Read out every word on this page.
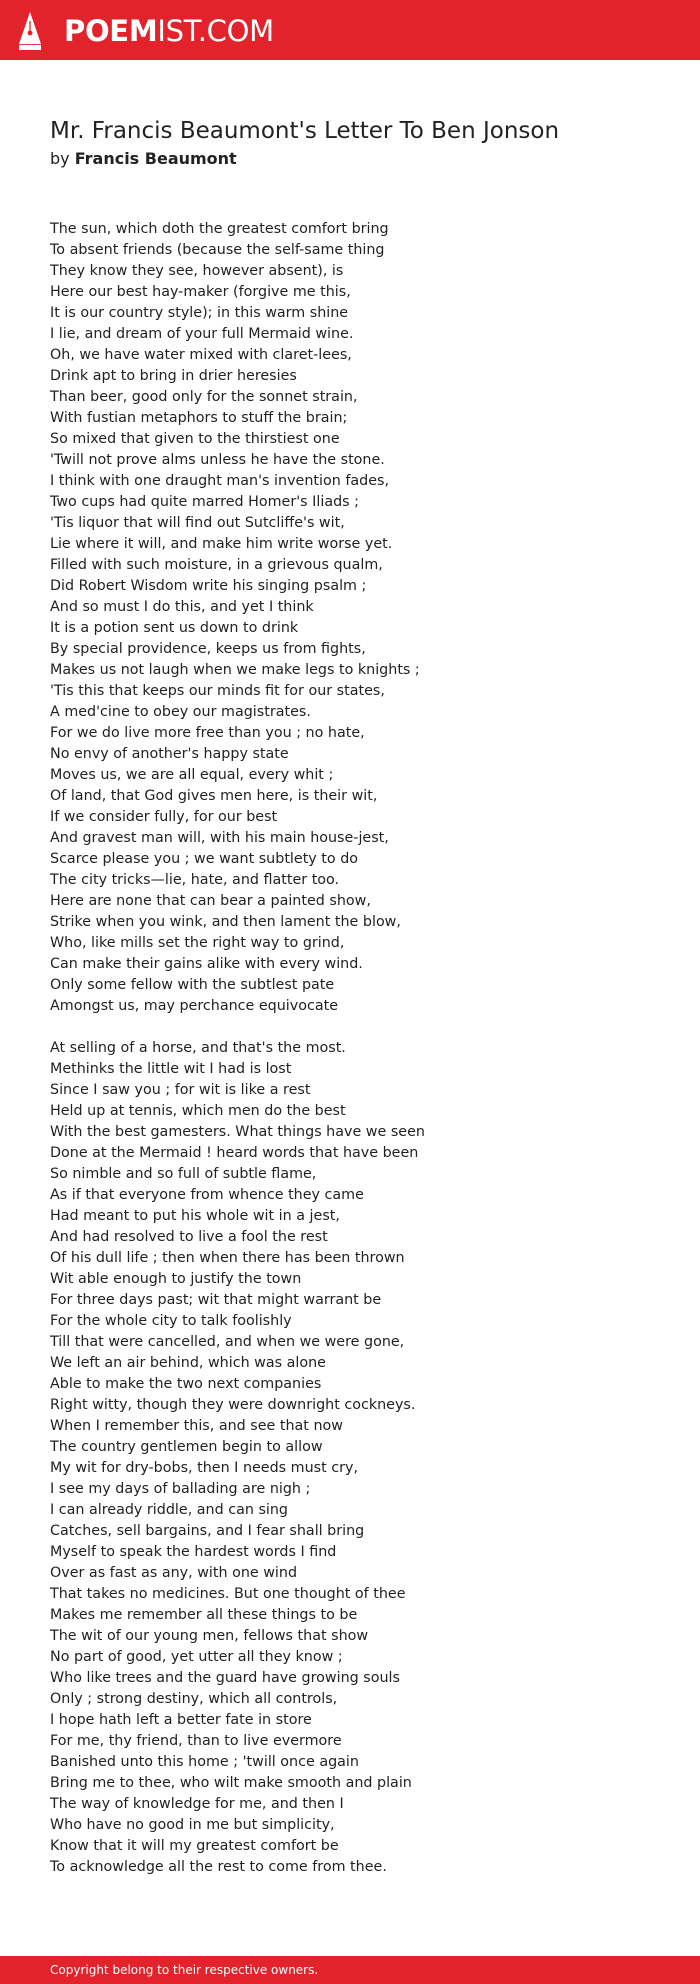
POEMIST.COM
Mr. Francis Beaumont's Letter To Ben Jonson
by Francis Beaumont
The sun, which doth the greatest comfort bring
To absent friends (because the self-same thing
They know they see, however absent), is
Here our best hay-maker (forgive me this,
It is our country style); in this warm shine
I lie, and dream of your full Mermaid wine.
Oh, we have water mixed with claret-lees,
Drink apt to bring in drier heresies
Than beer, good only for the sonnet strain,
With fustian metaphors to stuff the brain;
So mixed that given to the thirstiest one
'Twill not prove alms unless he have the stone.
I think with one draught man's invention fades,
Two cups had quite marred Homer's Iliads ;
'Tis liquor that will find out Sutcliffe's wit,
Lie where it will, and make him write worse yet.
Filled with such moisture, in a grievous qualm,
Did Robert Wisdom write his singing psalm ;
And so must I do this, and yet I think
It is a potion sent us down to drink
By special providence, keeps us from fights,
Makes us not laugh when we make legs to knights ;
'Tis this that keeps our minds fit for our states,
A med'cine to obey our magistrates.
For we do live more free than you ; no hate,
No envy of another's happy state
Moves us, we are all equal, every whit ;
Of land, that God gives men here, is their wit,
If we consider fully, for our best
And gravest man will, with his main house-jest,
Scarce please you ; we want subtlety to do
The city tricks—lie, hate, and flatter too.
Here are none that can bear a painted show,
Strike when you wink, and then lament the blow,
Who, like mills set the right way to grind,
Can make their gains alike with every wind.
Only some fellow with the subtlest pate
Amongst us, may perchance equivocate
At selling of a horse, and that's the most.
Methinks the little wit I had is lost
Since I saw you ; for wit is like a rest
Held up at tennis, which men do the best
With the best gamesters. What things have we seen
Done at the Mermaid ! heard words that have been
So nimble and so full of subtle flame,
As if that everyone from whence they came
Had meant to put his whole wit in a jest,
And had resolved to live a fool the rest
Of his dull life ; then when there has been thrown
Wit able enough to justify the town
For three days past; wit that might warrant be
For the whole city to talk foolishly
Till that were cancelled, and when we were gone,
We left an air behind, which was alone
Able to make the two next companies
Right witty, though they were downright cockneys.
When I remember this, and see that now
The country gentlemen begin to allow
My wit for dry-bobs, then I needs must cry,
I see my days of ballading are nigh ;
I can already riddle, and can sing
Catches, sell bargains, and I fear shall bring
Myself to speak the hardest words I find
Over as fast as any, with one wind
That takes no medicines. But one thought of thee
Makes me remember all these things to be
The wit of our young men, fellows that show
No part of good, yet utter all they know ;
Who like trees and the guard have growing souls
Only ; strong destiny, which all controls,
I hope hath left a better fate in store
For me, thy friend, than to live evermore
Banished unto this home ; 'twill once again
Bring me to thee, who wilt make smooth and plain
The way of knowledge for me, and then I
Who have no good in me but simplicity,
Know that it will my greatest comfort be
To acknowledge all the rest to come from thee.
Copyright belong to their respective owners.
